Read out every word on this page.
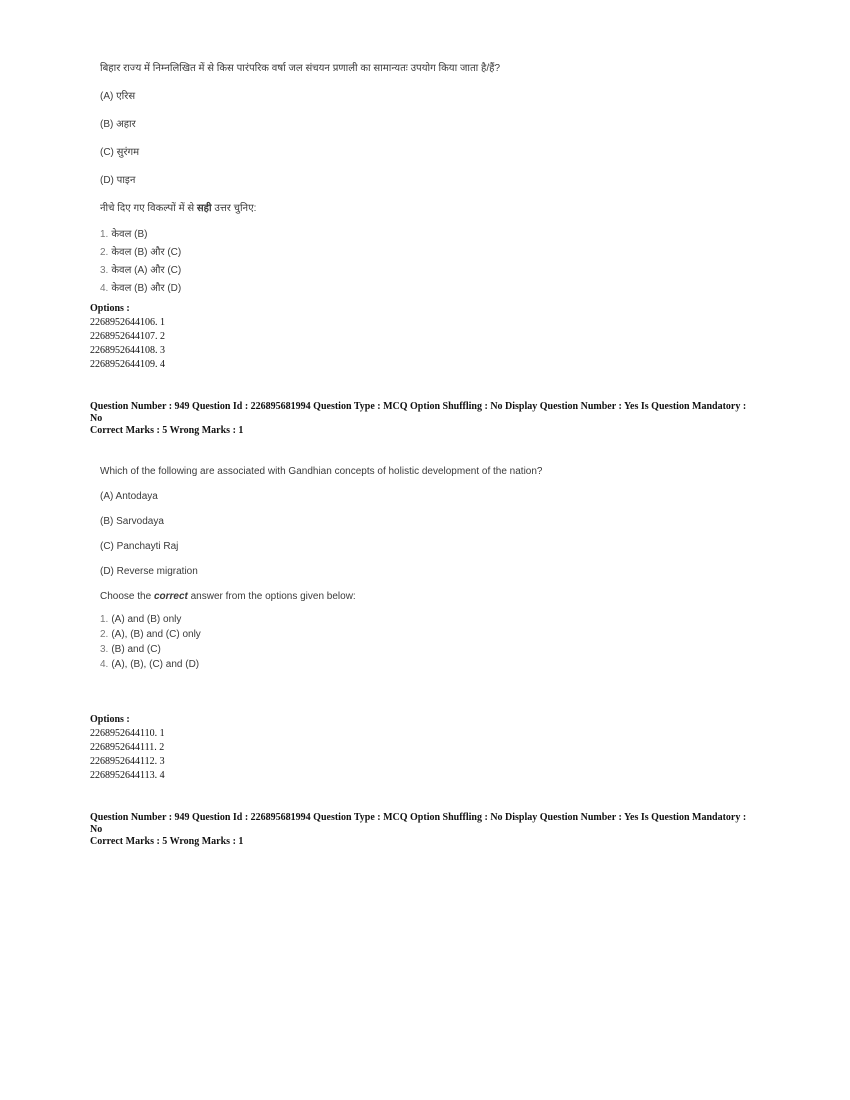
बिहार राज्य में निम्नलिखित में से किस पारंपरिक वर्षा जल संचयन प्रणाली का सामान्यतः उपयोग किया जाता है/हैं?

(A) एरिस

(B) अहार

(C) सुरंगम

(D) पाइन

नीचे दिए गए विकल्पों में से सही उत्तर चुनिए:

1. केवल (B)
2. केवल (B) और (C)
3. केवल (A) और (C)
4. केवल (B) और (D)
Options :
2268952644106. 1
2268952644107. 2
2268952644108. 3
2268952644109. 4
Question Number : 949 Question Id : 226895681994 Question Type : MCQ Option Shuffling : No Display Question Number : Yes Is Question Mandatory : No
Correct Marks : 5 Wrong Marks : 1

Which of the following are associated with Gandhian concepts of holistic development of the nation?

(A) Antodaya

(B) Sarvodaya

(C) Panchayti Raj

(D) Reverse migration

Choose the correct answer from the options given below:

1. (A) and (B) only
2. (A), (B) and (C) only
3. (B) and (C)
4. (A), (B), (C) and (D)
Options :
2268952644110. 1
2268952644111. 2
2268952644112. 3
2268952644113. 4
Question Number : 949 Question Id : 226895681994 Question Type : MCQ Option Shuffling : No Display Question Number : Yes Is Question Mandatory : No
Correct Marks : 5 Wrong Marks : 1
